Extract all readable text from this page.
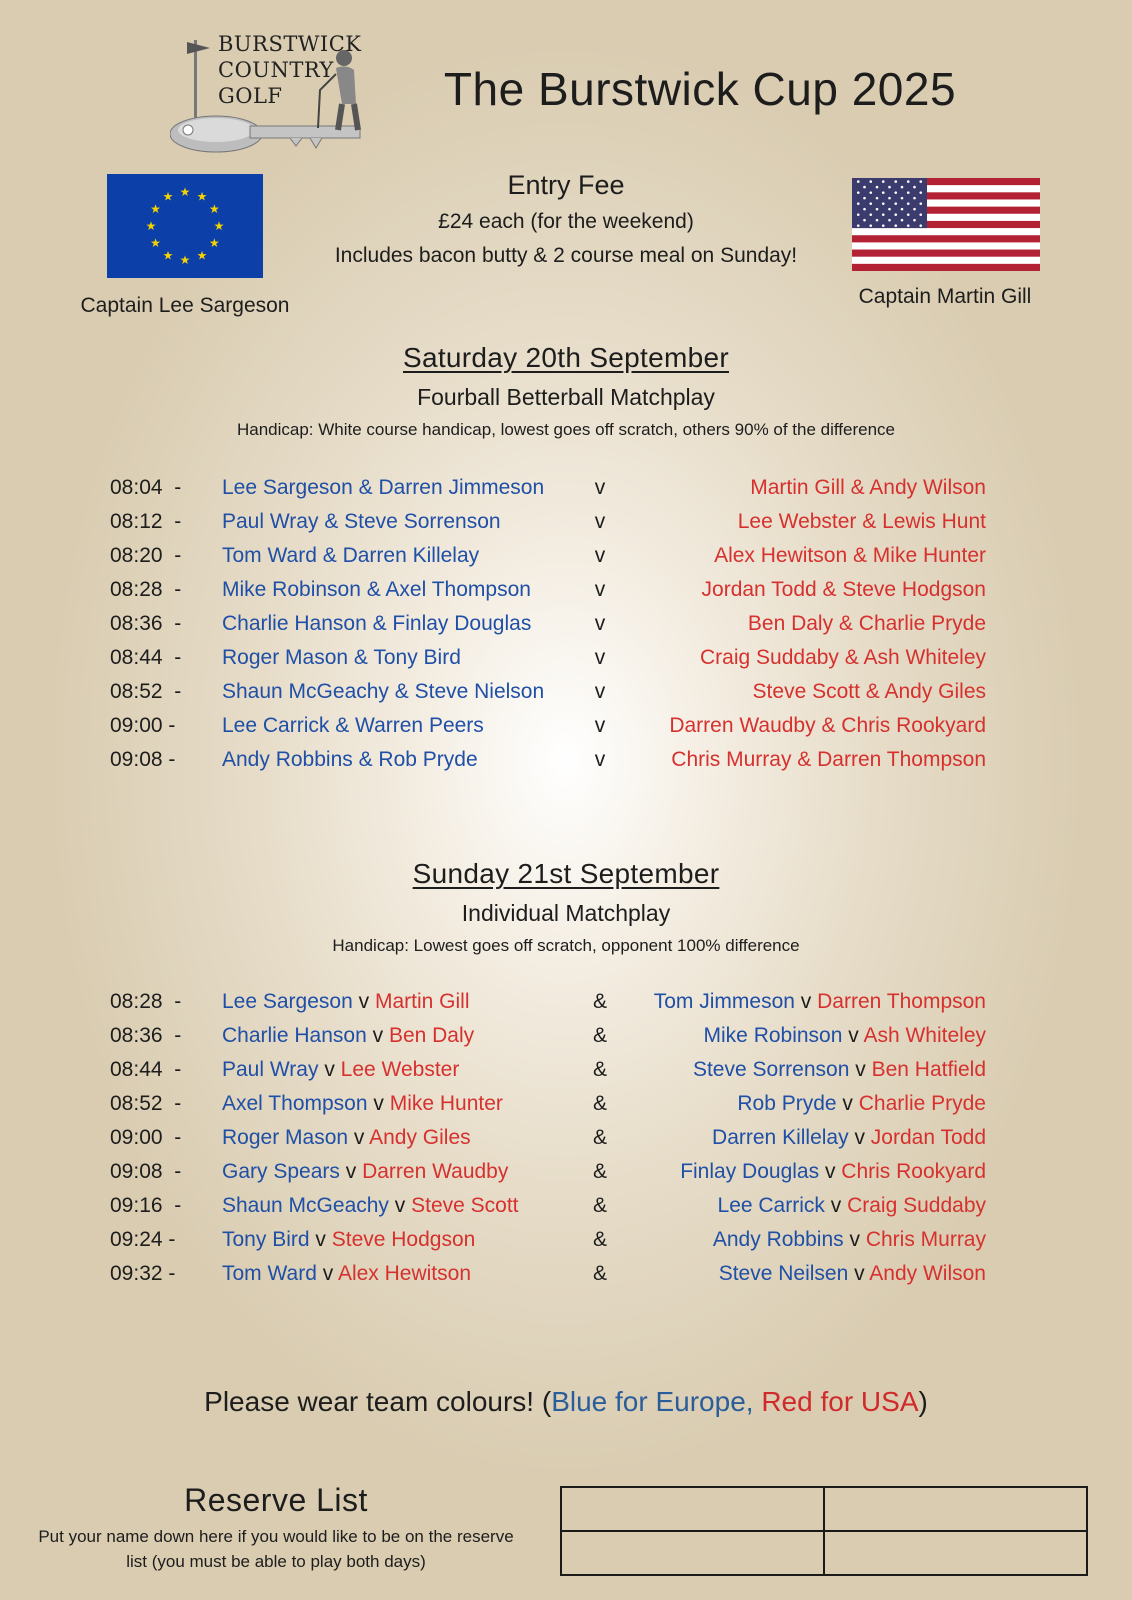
BURSTWICK
COUNTRY
GOLF	The Burstwick Cup 2025
★ ★
★
★
★
★
★
★
★
★
★
★
Captain Lee Sargeson	Captain Martin Gill
Entry Fee
£24 each (for the weekend)
Includes bacon butty & 2 course meal on Sunday!
Saturday 20th September
Fourball Betterball Matchplay
Handicap: White course handicap, lowest goes off scratch, others 90% of the difference
08:04  -	Lee Sargeson & Darren Jimmeson	v	Martin Gill & Andy Wilson
08:12  -	Paul Wray & Steve Sorrenson	v	Lee Webster & Lewis Hunt
08:20  -	Tom Ward & Darren Killelay	v	Alex Hewitson & Mike Hunter
08:28  -	Mike Robinson & Axel Thompson	v	Jordan Todd & Steve Hodgson
08:36  -	Charlie Hanson & Finlay Douglas	v	Ben Daly & Charlie Pryde
08:44  -	Roger Mason & Tony Bird	v	Craig Suddaby & Ash Whiteley
08:52  -	Shaun McGeachy & Steve Nielson	v	Steve Scott & Andy Giles
09:00 -	Lee Carrick & Warren Peers	v	Darren Waudby & Chris Rookyard
09:08 -	Andy Robbins & Rob Pryde	v	Chris Murray & Darren Thompson
Sunday 21st September
Individual Matchplay
Handicap: Lowest goes off scratch, opponent 100% difference
08:28  -	Lee Sargeson v Martin Gill	&	Tom Jimmeson v Darren Thompson
08:36  -	Charlie Hanson v Ben Daly	&	Mike Robinson v Ash Whiteley
08:44  -	Paul Wray v Lee Webster	&	Steve Sorrenson v Ben Hatfield
08:52  -	Axel Thompson v Mike Hunter	&	Rob Pryde v Charlie Pryde
09:00  -	Roger Mason v Andy Giles	&	Darren Killelay v Jordan Todd
09:08  -	Gary Spears v Darren Waudby	&	Finlay Douglas v Chris Rookyard
09:16  -	Shaun McGeachy v Steve Scott	&	Lee Carrick v Craig Suddaby
09:24 -	Tony Bird v Steve Hodgson	&	Andy Robbins v Chris Murray
09:32 -	Tom Ward v Alex Hewitson	&	Steve Neilsen v Andy Wilson
Please wear team colours! (Blue for Europe, Red for USA)
Reserve List
Put your name down here if you would like to be on the reserve list (you must be able to play both days)
